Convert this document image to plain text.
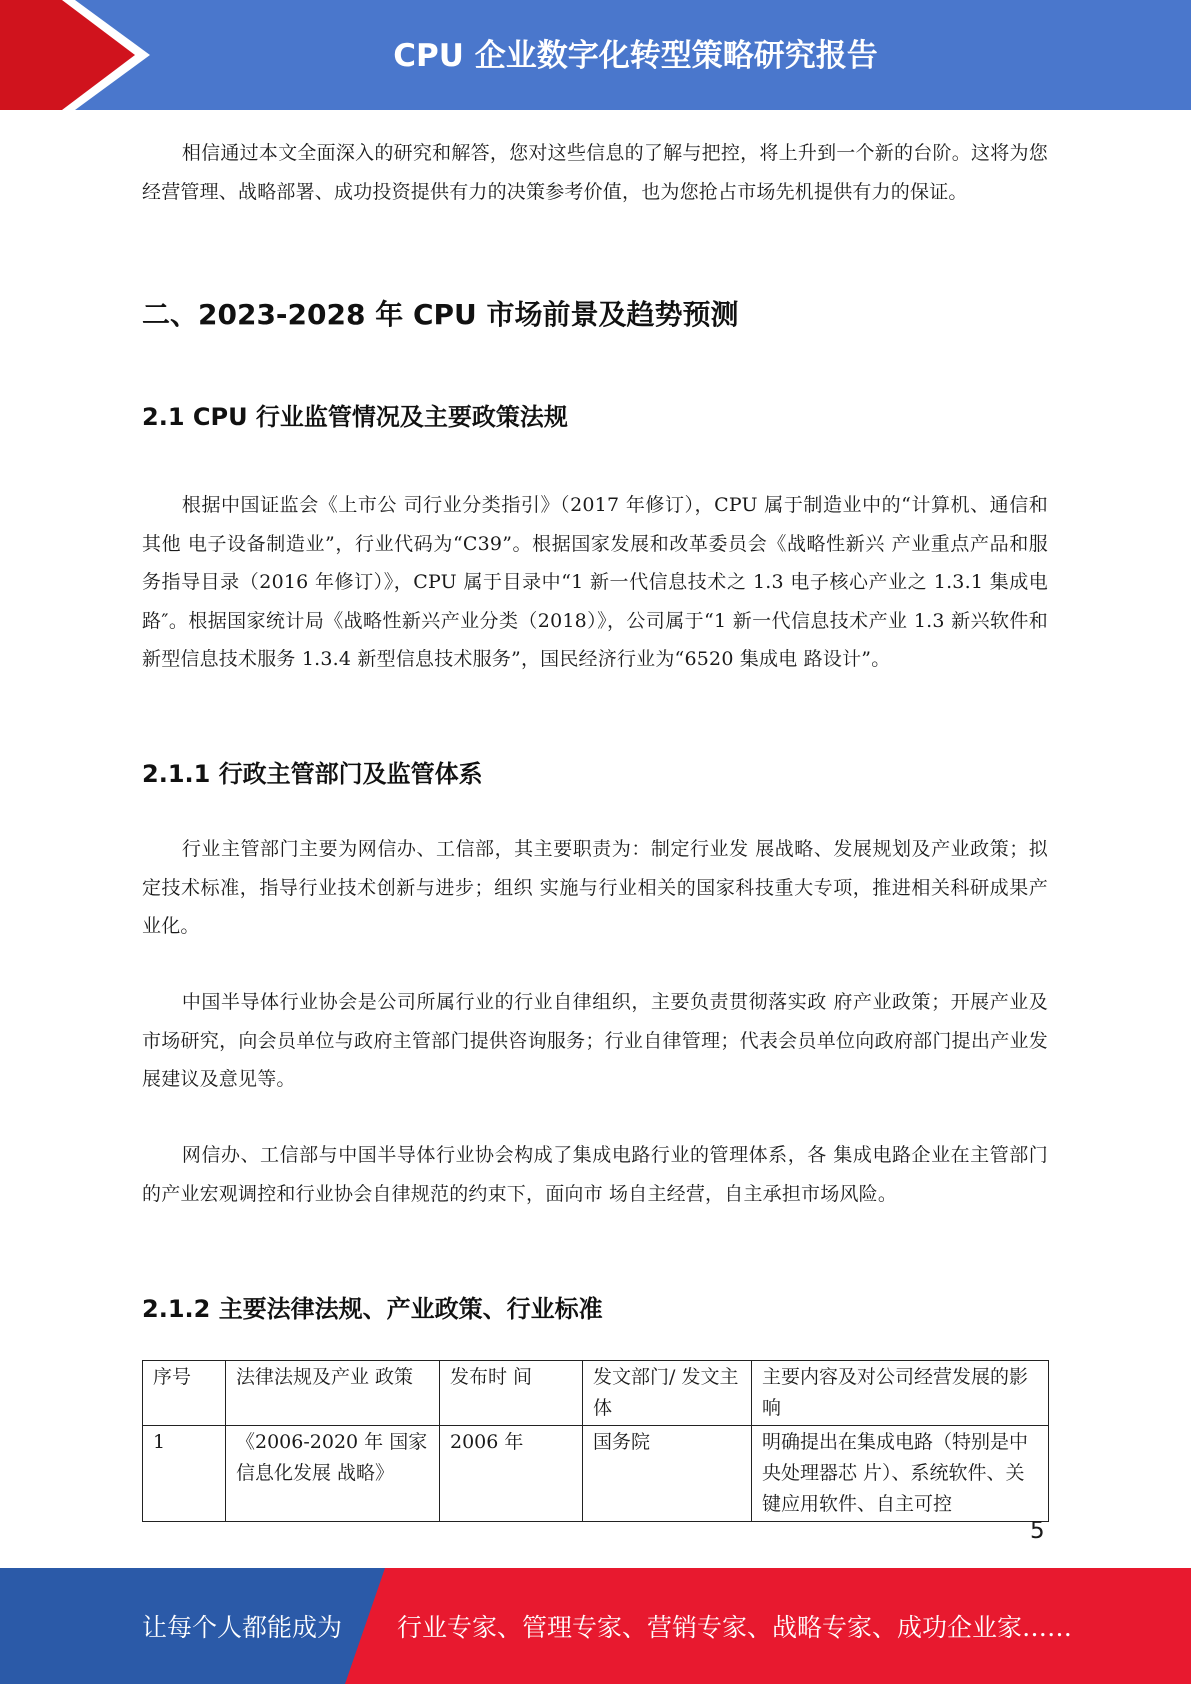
CPU 企业数字化转型策略研究报告

相信通过本文全面深入的研究和解答，您对这些信息的了解与把控，将上升到一个新的台阶。这将为您经营管理、战略部署、成功投资提供有力的决策参考价值，也为您抢占市场先机提供有力的保证。

二、2023-2028 年 CPU 市场前景及趋势预测
2.1 CPU 行业监管情况及主要政策法规

根据中国证监会《上市公 司行业分类指引》（2017 年修订），CPU 属于制造业中的“计算机、通信和其他 电子设备制造业”，行业代码为“C39”。根据国家发展和改革委员会《战略性新兴 产业重点产品和服务指导目录（2016 年修订）》，CPU 属于目录中“1 新一代信息技术之 1.3 电子核心产业之 1.3.1 集成电路″。根据国家统计局《战略性新兴产业分类（2018）》，公司属于“1 新一代信息技术产业 1.3 新兴软件和 新型信息技术服务 1.3.4 新型信息技术服务”，国民经济行业为“6520 集成电 路设计”。

2.1.1 行政主管部门及监管体系

行业主管部门主要为网信办、工信部，其主要职责为：制定行业发 展战略、发展规划及产业政策；拟定技术标准，指导行业技术创新与进步；组织 实施与行业相关的国家科技重大专项，推进相关科研成果产业化。

中国半导体行业协会是公司所属行业的行业自律组织，主要负责贯彻落实政 府产业政策；开展产业及市场研究，向会员单位与政府主管部门提供咨询服务；行业自律管理；代表会员单位向政府部门提出产业发展建议及意见等。

网信办、工信部与中国半导体行业协会构成了集成电路行业的管理体系，各 集成电路企业在主管部门的产业宏观调控和行业协会自律规范的约束下，面向市 场自主经营，自主承担市场风险。

2.1.2 主要法律法规、产业政策、行业标准
序号	法律法规及产业 政策	发布时 间	发文部门/ 发文主体	主要内容及对公司经营发展的影响
1	《2006-2020 年 国家信息化发展 战略》	2006 年	国务院	明确提出在集成电路（特别是中央处理器芯 片）、系统软件、关键应用软件、自主可控
5
让每个人都能成为 行业专家、管理专家、营销专家、战略专家、成功企业家……
